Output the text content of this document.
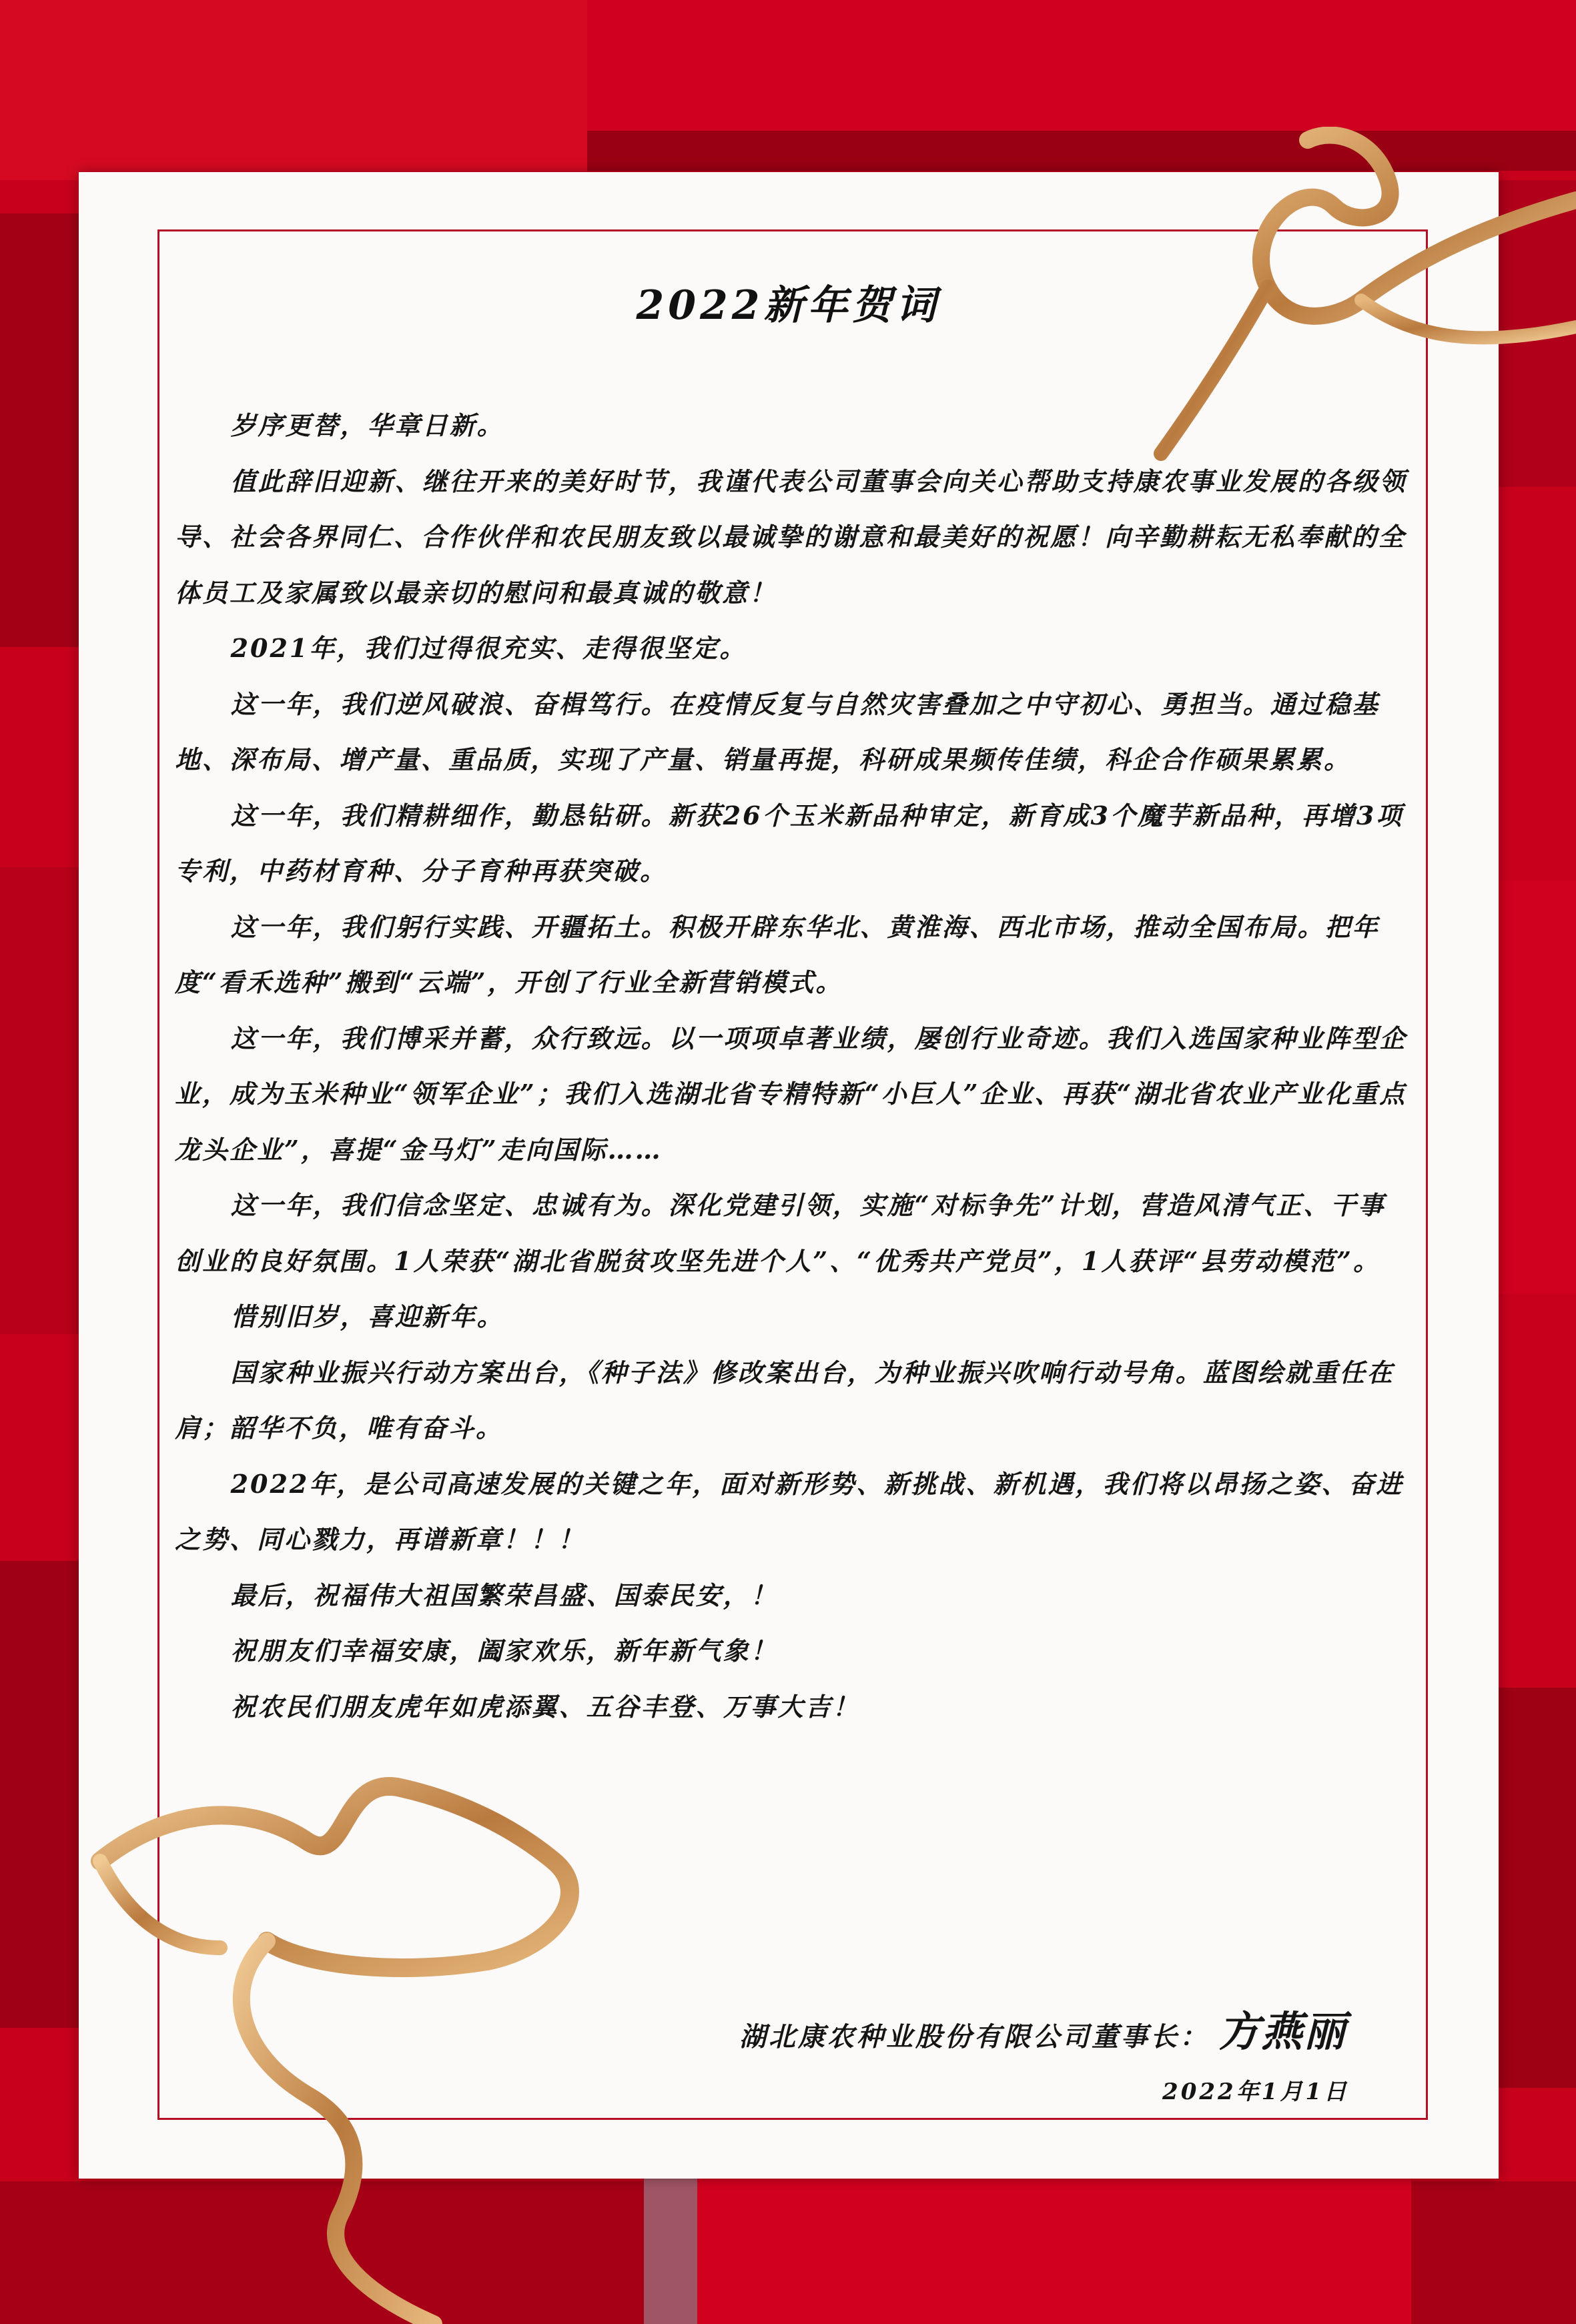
2022新年贺词

岁序更替，华章日新。

值此辞旧迎新、继往开来的美好时节，我谨代表公司董事会向关心帮助支持康农事业发展的各级领导、社会各界同仁、合作伙伴和农民朋友致以最诚挚的谢意和最美好的祝愿！向辛勤耕耘无私奉献的全体员工及家属致以最亲切的慰问和最真诚的敬意！

2021年，我们过得很充实、走得很坚定。

这一年，我们逆风破浪、奋楫笃行。在疫情反复与自然灾害叠加之中守初心、勇担当。通过稳基地、深布局、增产量、重品质，实现了产量、销量再提，科研成果频传佳绩，科企合作硕果累累。

这一年，我们精耕细作，勤恳钻研。新获26个玉米新品种审定，新育成3个魔芋新品种，再增3项专利，中药材育种、分子育种再获突破。

这一年，我们躬行实践、开疆拓土。积极开辟东华北、黄淮海、西北市场，推动全国布局。把年度“看禾选种”搬到“云端”，开创了行业全新营销模式。

这一年，我们博采并蓄，众行致远。以一项项卓著业绩，屡创行业奇迹。我们入选国家种业阵型企业，成为玉米种业“领军企业”；我们入选湖北省专精特新“小巨人”企业、再获“湖北省农业产业化重点龙头企业”，喜提“金马灯”走向国际……

这一年，我们信念坚定、忠诚有为。深化党建引领，实施“对标争先”计划，营造风清气正、干事创业的良好氛围。1人荣获“湖北省脱贫攻坚先进个人”、“优秀共产党员”，1人获评“县劳动模范”。

惜别旧岁，喜迎新年。

国家种业振兴行动方案出台，《种子法》修改案出台，为种业振兴吹响行动号角。蓝图绘就重任在肩；韶华不负，唯有奋斗。

2022年，是公司高速发展的关键之年，面对新形势、新挑战、新机遇，我们将以昂扬之姿、奋进之势、同心戮力，再谱新章！！！

最后，祝福伟大祖国繁荣昌盛、国泰民安，！

祝朋友们幸福安康，阖家欢乐，新年新气象！

祝农民们朋友虎年如虎添翼、五谷丰登、万事大吉！

湖北康农种业股份有限公司董事长： 方燕丽
2022年1月1日
